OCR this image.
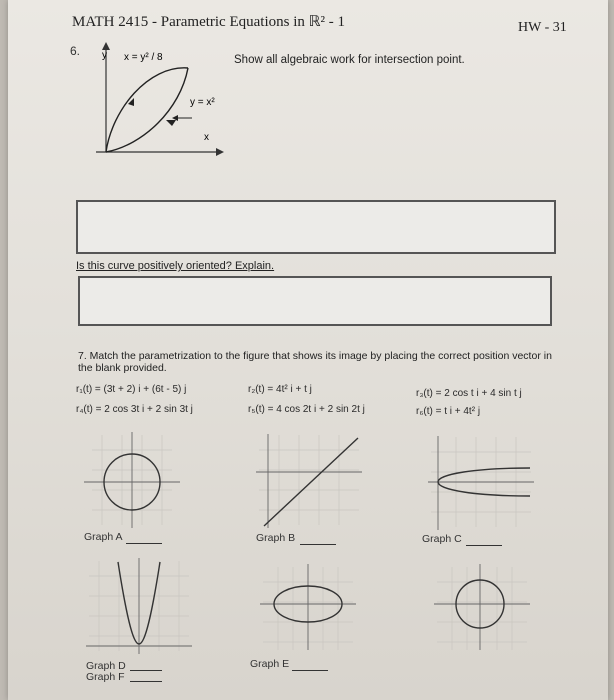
MATH 2415 - Parametric Equations in ℝ² - 1	HW - 31
6. y x = y² / 8
y = x²
x
Show all algebraic work for intersection point.
Is this curve positively oriented? Explain.
7. Match the parametrization to the figure that shows its image by placing the correct position vector in the blank provided.
r₁(t) = (3t + 2) i + (6t - 5) j	r₂(t) = 4t² i + t j	r₃(t) = 2 cos t i + 4 sin t j
r₄(t) = 2 cos 3t i + 2 sin 3t j	r₅(t) = 4 cos 2t i + 2 sin 2t j	r₆(t) = t i + 4t² j
Graph A	Graph B	Graph C
Graph D
Graph F
Graph E
